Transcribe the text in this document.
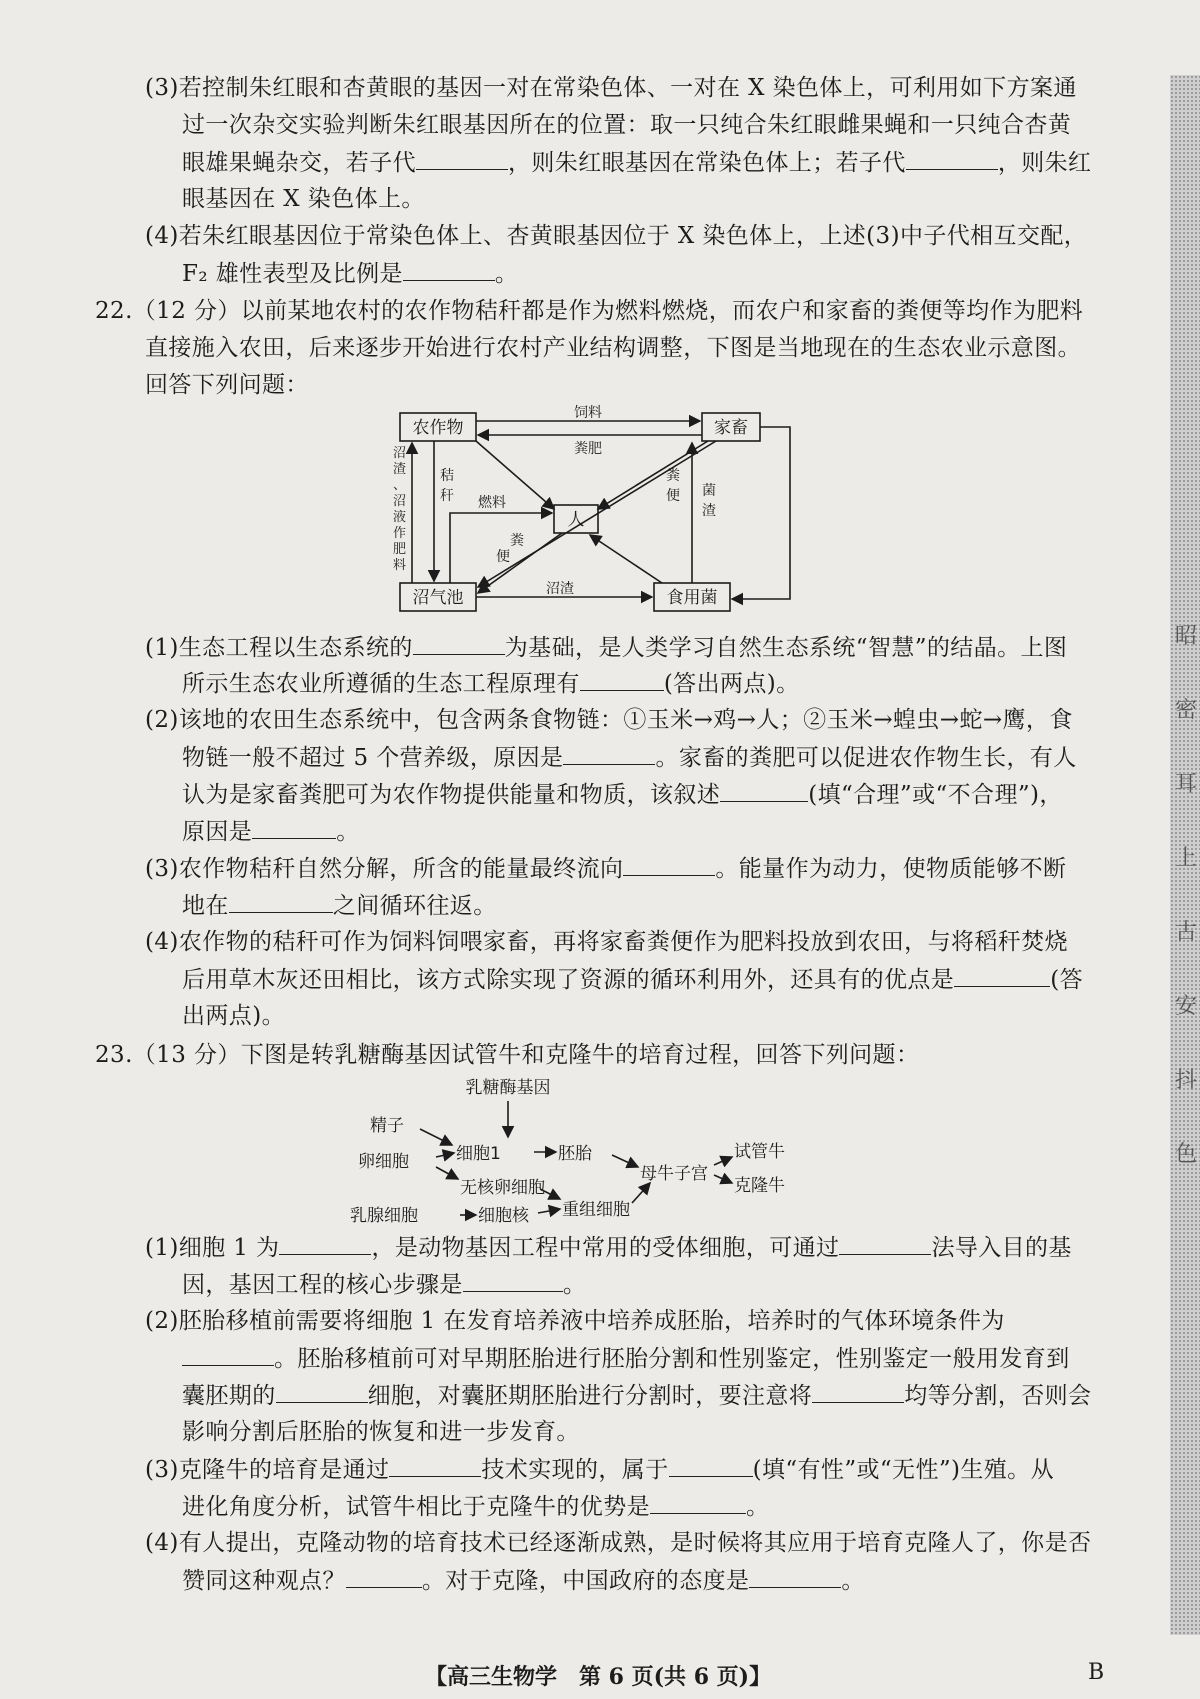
昭
密
耳
上
古
安
抖
色
(3)若控制朱红眼和杏黄眼的基因一对在常染色体、一对在 X 染色体上，可利用如下方案通
过一次杂交实验判断朱红眼基因所在的位置：取一只纯合朱红眼雌果蝇和一只纯合杏黄
眼雄果蝇杂交，若子代	，则朱红眼基因在常染色体上；若子代	，则朱红
眼基因在 X 染色体上。
(4)若朱红眼基因位于常染色体上、杏黄眼基因位于 X 染色体上，上述(3)中子代相互交配，
F₂ 雄性表型及比例是	。
22.（12 分）以前某地农村的农作物秸秆都是作为燃料燃烧，而农户和家畜的粪便等均作为肥料
直接施入农田，后来逐步开始进行农村产业结构调整，下图是当地现在的生态农业示意图。
回答下列问题：
农作物	家畜
人
沼气池	食用菌
饲料
粪肥
燃料
沼渣
沼
渣
、
沼
液
作
肥
料
秸
秆
粪
便 菌
渣
粪
便
(1)生态工程以生态系统的	为基础，是人类学习自然生态系统“智慧”的结晶。上图
所示生态农业所遵循的生态工程原理有	(答出两点)。
(2)该地的农田生态系统中，包含两条食物链：①玉米→鸡→人；②玉米→蝗虫→蛇→鹰，食
物链一般不超过 5 个营养级，原因是	。家畜的粪肥可以促进农作物生长，有人
认为是家畜粪肥可为农作物提供能量和物质，该叙述	(填“合理”或“不合理”)，
原因是	。
(3)农作物秸秆自然分解，所含的能量最终流向	。能量作为动力，使物质能够不断
地在	之间循环往返。
(4)农作物的秸秆可作为饲料饲喂家畜，再将家畜粪便作为肥料投放到农田，与将稻秆焚烧
后用草木灰还田相比，该方式除实现了资源的循环利用外，还具有的优点是	(答
出两点)。
23.（13 分）下图是转乳糖酶基因试管牛和克隆牛的培育过程，回答下列问题：
乳糖酶基因
精子
卵细胞	细胞1	胚胎
无核卵细胞
乳腺细胞	细胞核 重组细胞
母牛子宫
试管牛
克隆牛
(1)细胞 1 为	，是动物基因工程中常用的受体细胞，可通过	法导入目的基
因，基因工程的核心步骤是	。
(2)胚胎移植前需要将细胞 1 在发育培养液中培养成胚胎，培养时的气体环境条件为
。胚胎移植前可对早期胚胎进行胚胎分割和性别鉴定，性别鉴定一般用发育到
囊胚期的	细胞，对囊胚期胚胎进行分割时，要注意将	均等分割，否则会
影响分割后胚胎的恢复和进一步发育。
(3)克隆牛的培育是通过	技术实现的，属于	(填“有性”或“无性”)生殖。从
进化角度分析，试管牛相比于克隆牛的优势是	。
(4)有人提出，克隆动物的培育技术已经逐渐成熟，是时候将其应用于培育克隆人了，你是否
赞同这种观点？	。对于克隆，中国政府的态度是	。
【高三生物学　第 6 页(共 6 页)】	B
